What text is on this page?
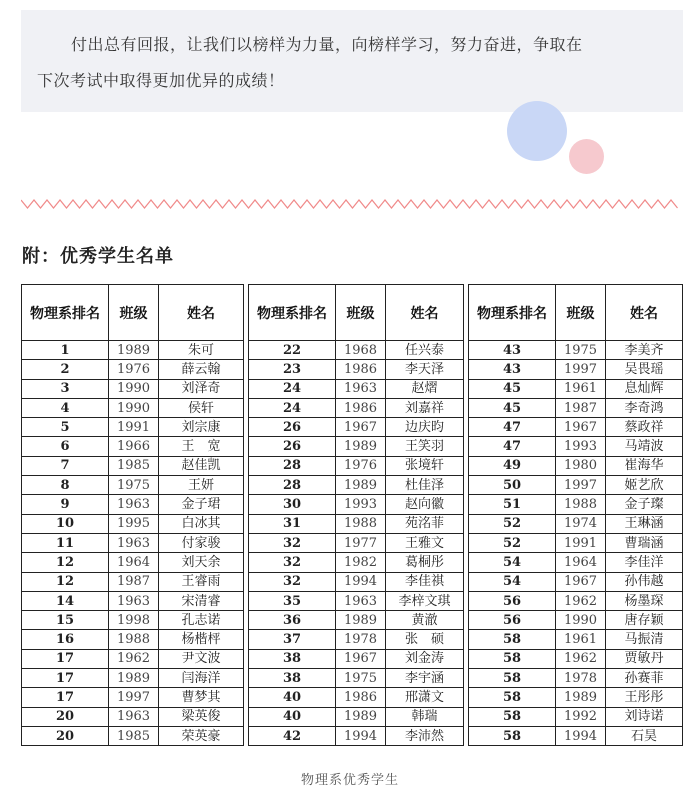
付出总有回报，让我们以榜样为力量，向榜样学习，努力奋进，争取在
下次考试中取得更加优异的成绩！
附：优秀学生名单
物理系排名	班级	姓名		物理系排名	班级	姓名		物理系排名	班级	姓名
1	1989	朱可		22	1968	任兴泰		43	1975	李美齐
2	1976	薛云翰		23	1986	李天泽		43	1997	吴畏瑶
3	1990	刘泽奇		24	1963	赵熠		45	1961	息灿辉
4	1990	侯轩		24	1986	刘嘉祥		45	1987	李奇鸿
5	1991	刘宗康		26	1967	边庆昀		47	1967	蔡政祥
6	1966	王　宽		26	1989	王笑羽		47	1993	马靖波
7	1985	赵佳凯		28	1976	张境轩		49	1980	崔海华
8	1975	王妍		28	1989	杜佳泽		50	1997	姬艺欣
9	1963	金子珺		30	1993	赵向徽		51	1988	金子璨
10	1995	白冰其		31	1988	苑洺菲		52	1974	王琳涵
11	1963	付家骏		32	1977	王雅文		52	1991	曹瑞涵
12	1964	刘天余		32	1982	葛桐彤		54	1964	李佳洋
12	1987	王睿雨		32	1994	李佳祺		54	1967	孙伟越
14	1963	宋清睿		35	1963	李梓文琪		56	1962	杨墨琛
15	1998	孔志诺		36	1989	黄澈		56	1990	唐存颖
16	1988	杨楷枰		37	1978	张　硕		58	1961	马振清
17	1962	尹文波		38	1967	刘金涛		58	1962	贾敏丹
17	1989	闫海洋		38	1975	李宇涵		58	1978	孙赛菲
17	1997	曹梦其		40	1986	邢潇文		58	1989	王彤彤
20	1963	梁英俊		40	1989	韩瑞		58	1992	刘诗诺
20	1985	荣英豪		42	1994	李沛然		58	1994	石昊
物理系优秀学生
